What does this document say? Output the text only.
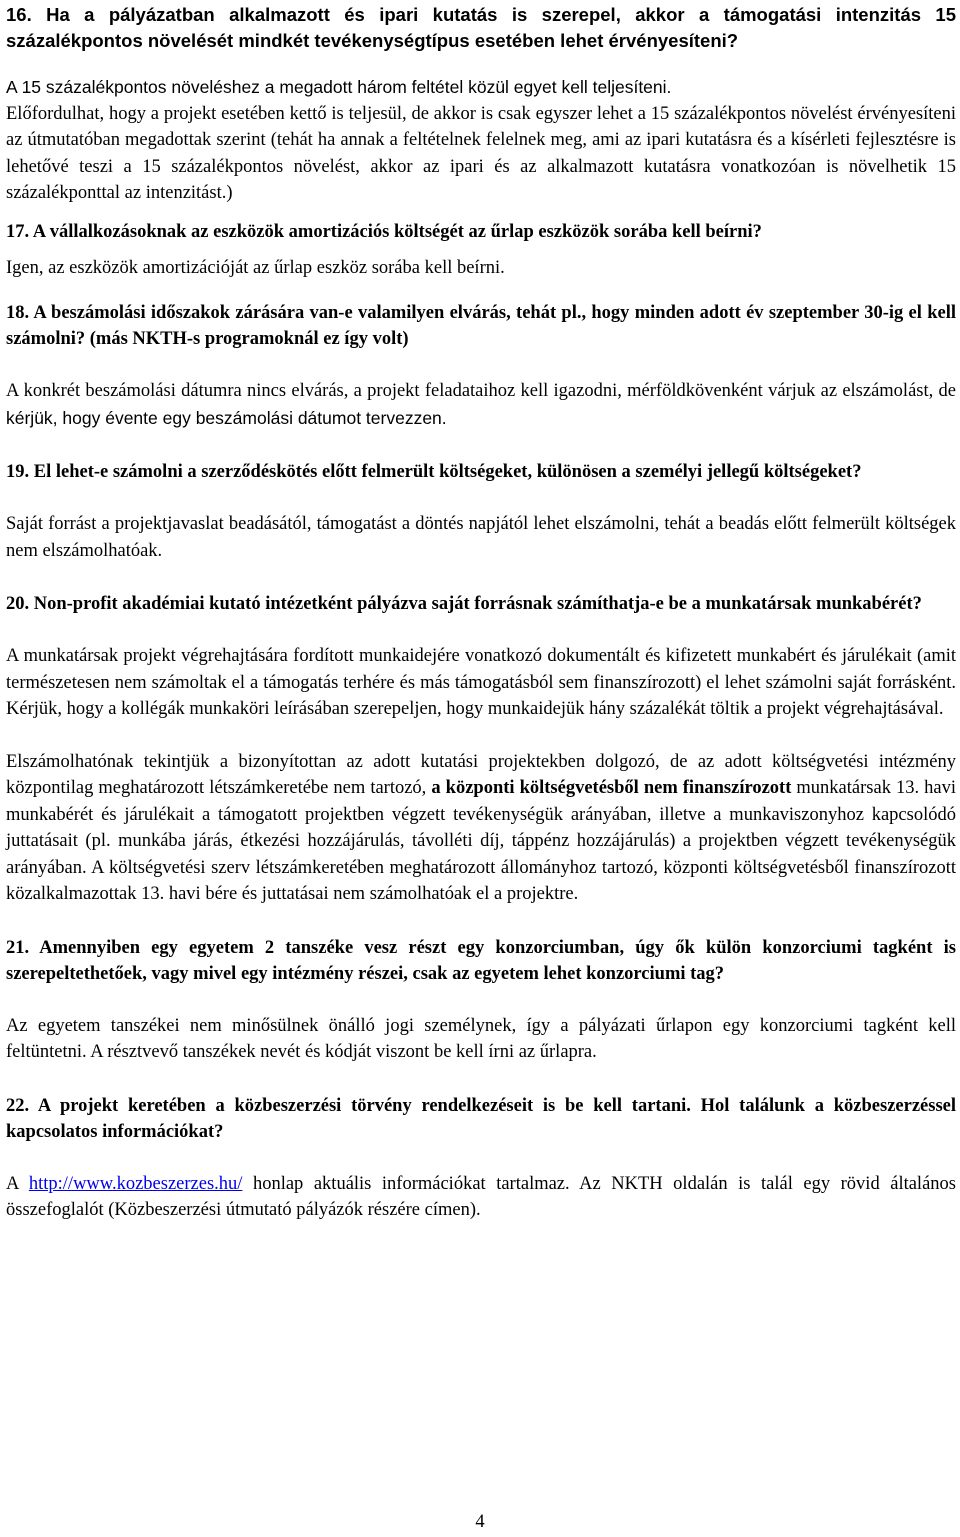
16. Ha a pályázatban alkalmazott és ipari kutatás is szerepel, akkor a támogatási intenzitás 15 százalékpontos növelését mindkét tevékenységtípus esetében lehet érvényesíteni?

A 15 százalékpontos növeléshez a megadott három feltétel közül egyet kell teljesíteni.

Előfordulhat, hogy a projekt esetében kettő is teljesül, de akkor is csak egyszer lehet a 15 százalékpontos növelést érvényesíteni az útmutatóban megadottak szerint (tehát ha annak a feltételnek felelnek meg, ami az ipari kutatásra és a kísérleti fejlesztésre is lehetővé teszi a 15 százalékpontos növelést, akkor az ipari és az alkalmazott kutatásra vonatkozóan is növelhetik 15 százalékponttal az intenzitást.)

17. A vállalkozásoknak az eszközök amortizációs költségét az űrlap eszközök sorába kell beírni?

Igen, az eszközök amortizációját az űrlap eszköz sorába kell beírni.

18. A beszámolási időszakok zárására van-e valamilyen elvárás, tehát pl., hogy minden adott év szeptember 30-ig el kell számolni? (más NKTH-s programoknál ez így volt)

A konkrét beszámolási dátumra nincs elvárás, a projekt feladataihoz kell igazodni, mérföldkövenként várjuk az elszámolást, de kérjük, hogy évente egy beszámolási dátumot tervezzen.

19. El lehet-e számolni a szerződéskötés előtt felmerült költségeket, különösen a személyi jellegű költségeket?

Saját forrást a projektjavaslat beadásától, támogatást a döntés napjától lehet elszámolni, tehát a beadás előtt felmerült költségek nem elszámolhatóak.

20. Non-profit akadémiai kutató intézetként pályázva saját forrásnak számíthatja-e be a munkatársak munkabérét?

A munkatársak projekt végrehajtására fordított munkaidejére vonatkozó dokumentált és kifizetett munkabért és járulékait (amit természetesen nem számoltak el a támogatás terhére és más támogatásból sem finanszírozott) el lehet számolni saját forrásként. Kérjük, hogy a kollégák munkaköri leírásában szerepeljen, hogy munkaidejük hány százalékát töltik a projekt végrehajtásával.

Elszámolhatónak tekintjük a bizonyítottan az adott kutatási projektekben dolgozó, de az adott költségvetési intézmény központilag meghatározott létszámkeretébe nem tartozó, a központi költségvetésből nem finanszírozott munkatársak 13. havi munkabérét és járulékait a támogatott projektben végzett tevékenységük arányában, illetve a munkaviszonyhoz kapcsolódó juttatásait (pl. munkába járás, étkezési hozzájárulás, távolléti díj, táppénz hozzájárulás) a projektben végzett tevékenységük arányában. A költségvetési szerv létszámkeretében meghatározott állományhoz tartozó, központi költségvetésből finanszírozott közalkalmazottak 13. havi bére és juttatásai nem számolhatóak el a projektre.

21. Amennyiben egy egyetem 2 tanszéke vesz részt egy konzorciumban, úgy ők külön konzorciumi tagként is szerepeltethetőek, vagy mivel egy intézmény részei, csak az egyetem lehet konzorciumi tag?

Az egyetem tanszékei nem minősülnek önálló jogi személynek, így a pályázati űrlapon egy konzorciumi tagként kell feltüntetni. A résztvevő tanszékek nevét és kódját viszont be kell írni az űrlapra.

22. A projekt keretében a közbeszerzési törvény rendelkezéseit is be kell tartani. Hol találunk a közbeszerzéssel kapcsolatos információkat?

A http://www.kozbeszerzes.hu/ honlap aktuális információkat tartalmaz. Az NKTH oldalán is talál egy rövid általános összefoglalót (Közbeszerzési útmutató pályázók részére címen).

4
